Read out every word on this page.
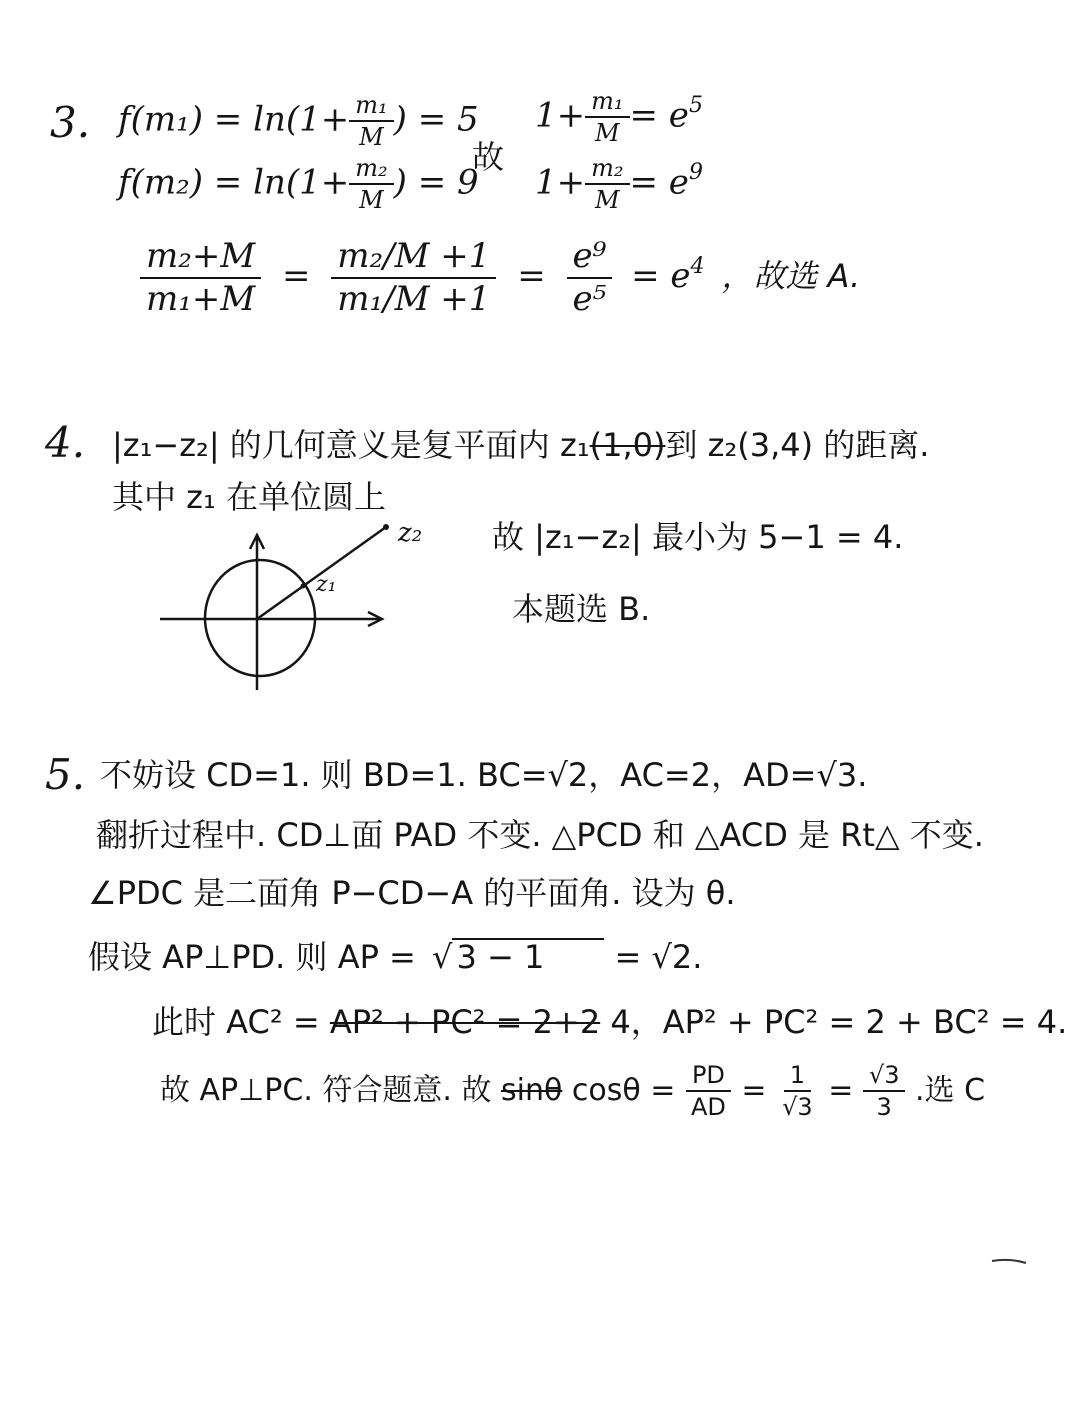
3. $f(m_1) = \ln(1+ \frac{\text{m₁}}{M}$ ) = 5
故
$1+ \frac{\text{m₁}}{M} = e^5$
$f(m_2) = \ln(1+ \frac{\text{m₂}}{M}$ ) = 9 $1+ \frac{\text{m₂}}{M} = e^9$
$\frac{\text{m₂+M}}{\text{m₁+M}} = \frac{\text{m₂/M +1}}{\text{m₁/M +1}} = \frac{\text{e⁹}}{\text{e⁵}} = e^4$ ，故选 A.
4. |z₁−z₂| 的几何意义是复平面内 z₁(1,0)到 z₂(3,4) 的距离.
其中 z₁ 在单位圆上
z₂
z₁
故 |z₁−z₂| 最小为 5−1 = 4.
本题选 B.
5. 不妨设 CD=1. 则 BD=1. BC=√2，AC=2，AD=√3.
翻折过程中. CD⊥面 PAD 不变. △PCD 和 △ACD 是 Rt△ 不变.
∠PDC 是二面角 P−CD−A 的平面角. 设为 θ.
假设 AP⊥PD. 则 AP = √ 3 − 1 = √2.
此时 AC² = AP² + PC² = 2+2 4，AP² + PC² = 2 + BC² = 4.
故 AP⊥PC. 符合题意. 故 sinθ $\cos\theta = \frac{PD}{AD} = \frac{1}{√3} = \frac{√3}{3}$ .选 C
